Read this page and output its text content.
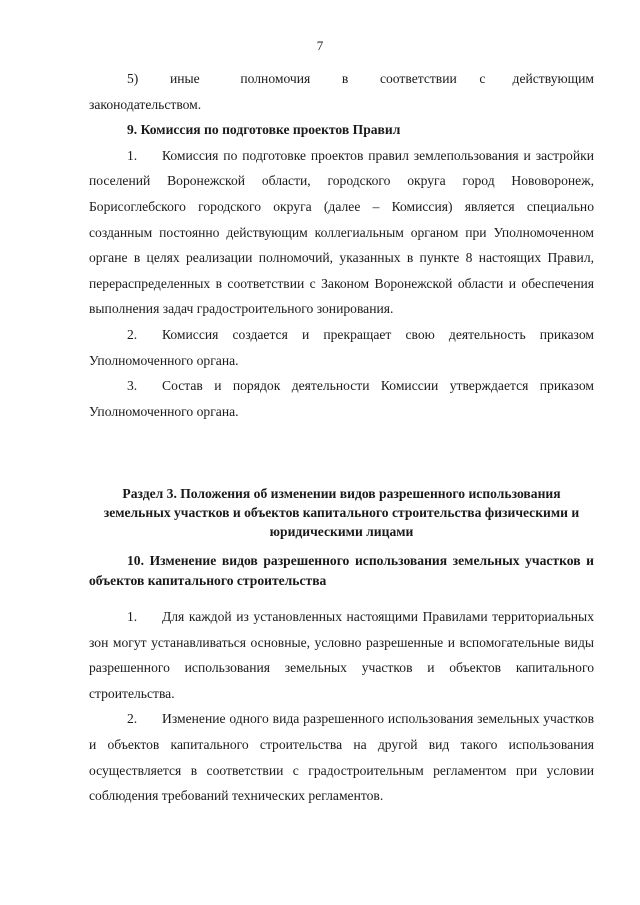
7

5)       иные         полномочия       в       соответствии     с      действующим законодательством.

9. Комиссия по подготовке проектов Правил

1. Комиссия по подготовке проектов правил землепользования и застройки поселений Воронежской области, городского округа город Нововоронеж, Борисоглебского городского округа (далее – Комиссия) является специально созданным постоянно действующим коллегиальным органом при Уполномоченном органе в целях реализации полномочий, указанных в пункте 8 настоящих Правил, перераспределенных в соответствии с Законом Воронежской области и обеспечения выполнения задач градостроительного зонирования.

2. Комиссия создается и прекращает свою деятельность приказом Уполномоченного органа.

3. Состав и порядок деятельности Комиссии утверждается приказом Уполномоченного органа.

Раздел 3. Положения об изменении видов разрешенного использования земельных участков и объектов капитального строительства физическими и юридическими лицами

10. Изменение видов разрешенного использования земельных участков и объектов капитального строительства

1. Для каждой из установленных настоящими Правилами территориальных зон могут устанавливаться основные, условно разрешенные и вспомогательные виды разрешенного использования земельных участков и объектов капитального строительства.

2. Изменение одного вида разрешенного использования земельных участков и объектов капитального строительства на другой вид такого использования осуществляется в соответствии с градостроительным регламентом при условии соблюдения требований технических регламентов.
